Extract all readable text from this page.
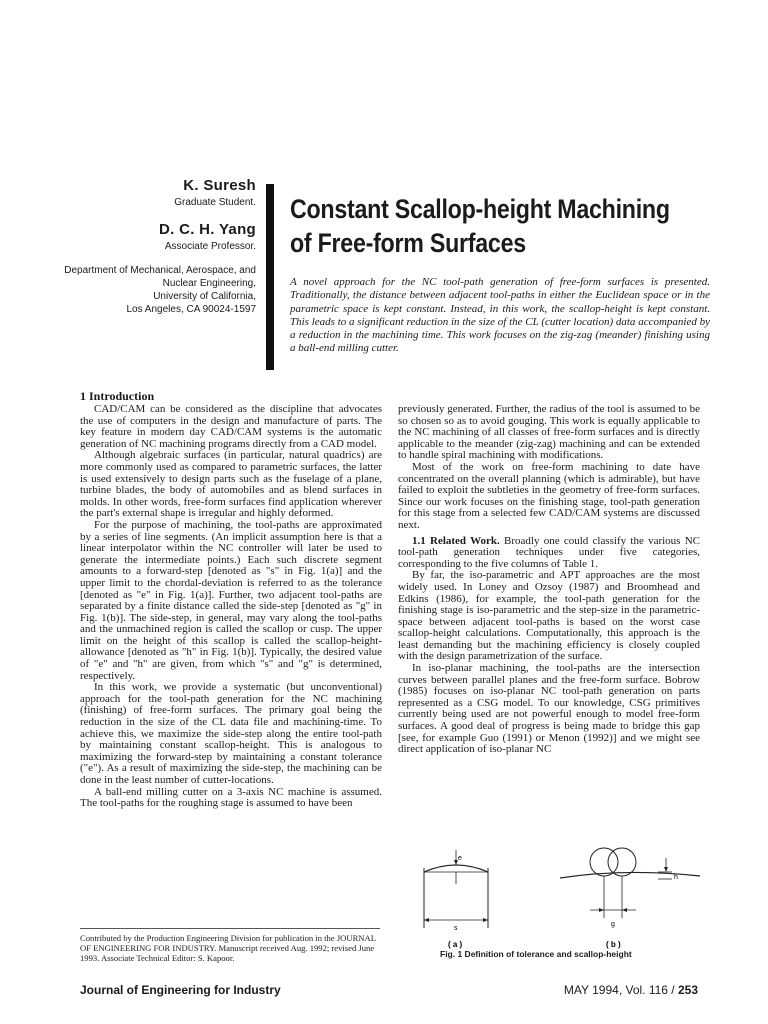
K. Suresh
Graduate Student.
D. C. H. Yang
Associate Professor.
Department of Mechanical, Aerospace, and
Nuclear Engineering,
University of California,
Los Angeles, CA 90024-1597
Constant Scallop-height Machining
of Free-form Surfaces
A novel approach for the NC tool-path generation of free-form surfaces is presented. Traditionally, the distance between adjacent tool-paths in either the Euclidean space or in the parametric space is kept constant. Instead, in this work, the scallop-height is kept constant. This leads to a significant reduction in the size of the CL (cutter location) data accompanied by a reduction in the machining time. This work focuses on the zig-zag (meander) finishing using a ball-end milling cutter.
1 Introduction

CAD/CAM can be considered as the discipline that advocates the use of computers in the design and manufacture of parts. The key feature in modern day CAD/CAM systems is the automatic generation of NC machining programs directly from a CAD model.

Although algebraic surfaces (in particular, natural quadrics) are more commonly used as compared to parametric surfaces, the latter is used extensively to design parts such as the fuselage of a plane, turbine blades, the body of automobiles and as blend surfaces in molds. In other words, free-form surfaces find application wherever the part's external shape is irregular and highly deformed.

For the purpose of machining, the tool-paths are approximated by a series of line segments. (An implicit assumption here is that a linear interpolator within the NC controller will later be used to generate the intermediate points.) Each such discrete segment amounts to a forward-step [denoted as "s" in Fig. 1(a)] and the upper limit to the chordal-deviation is referred to as the tolerance [denoted as "e" in Fig. 1(a)]. Further, two adjacent tool-paths are separated by a finite distance called the side-step [denoted as "g" in Fig. 1(b)]. The side-step, in general, may vary along the tool-paths and the unmachined region is called the scallop or cusp. The upper limit on the height of this scallop is called the scallop-height-allowance [denoted as "h" in Fig. 1(b)]. Typically, the desired value of "e" and "h" are given, from which "s" and "g" is determined, respectively.

In this work, we provide a systematic (but unconventional) approach for the tool-path generation for the NC machining (finishing) of free-form surfaces. The primary goal being the reduction in the size of the CL data file and machining-time. To achieve this, we maximize the side-step along the entire tool-path by maintaining constant scallop-height. This is analogous to maximizing the forward-step by maintaining a constant tolerance ("e"). As a result of maximizing the side-step, the machining can be done in the least number of cutter-locations.

A ball-end milling cutter on a 3-axis NC machine is assumed. The tool-paths for the roughing stage is assumed to have been

previously generated. Further, the radius of the tool is assumed to be so chosen so as to avoid gouging. This work is equally applicable to the NC machining of all classes of free-form surfaces and is directly applicable to the meander (zig-zag) machining and can be extended to handle spiral machining with modifications.

Most of the work on free-form machining to date have concentrated on the overall planning (which is admirable), but have failed to exploit the subtleties in the geometry of free-form surfaces. Since our work focuses on the finishing stage, tool-path generation for this stage from a selected few CAD/CAM systems are discussed next.

1.1 Related Work. Broadly one could classify the various NC tool-path generation techniques under five categories, corresponding to the five columns of Table 1.

By far, the iso-parametric and APT approaches are the most widely used. In Loney and Ozsoy (1987) and Broomhead and Edkins (1986), for example, the tool-path generation for the finishing stage is iso-parametric and the step-size in the parametric-space between adjacent tool-paths is based on the worst case scallop-height calculations. Computationally, this approach is the least demanding but the machining efficiency is closely coupled with the design parametrization of the surface.

In iso-planar machining, the tool-paths are the intersection curves between parallel planes and the free-form surface. Bobrow (1985) focuses on iso-planar NC tool-path generation on parts represented as a CSG model. To our knowledge, CSG primitives currently being used are not powerful enough to model free-form surfaces. A good deal of progress is being made to bridge this gap [see, for example Guo (1991) or Menon (1992)] and we might see direct application of iso-planar NC

e
s
h
g
( a )	( b )
Fig. 1 Definition of tolerance and scallop-height
Contributed by the Production Engineering Division for publication in the JOURNAL OF ENGINEERING FOR INDUSTRY. Manuscript received Aug. 1992; revised June 1993. Associate Technical Editor: S. Kapoor.
Journal of Engineering for Industry	MAY 1994, Vol. 116 / 253
